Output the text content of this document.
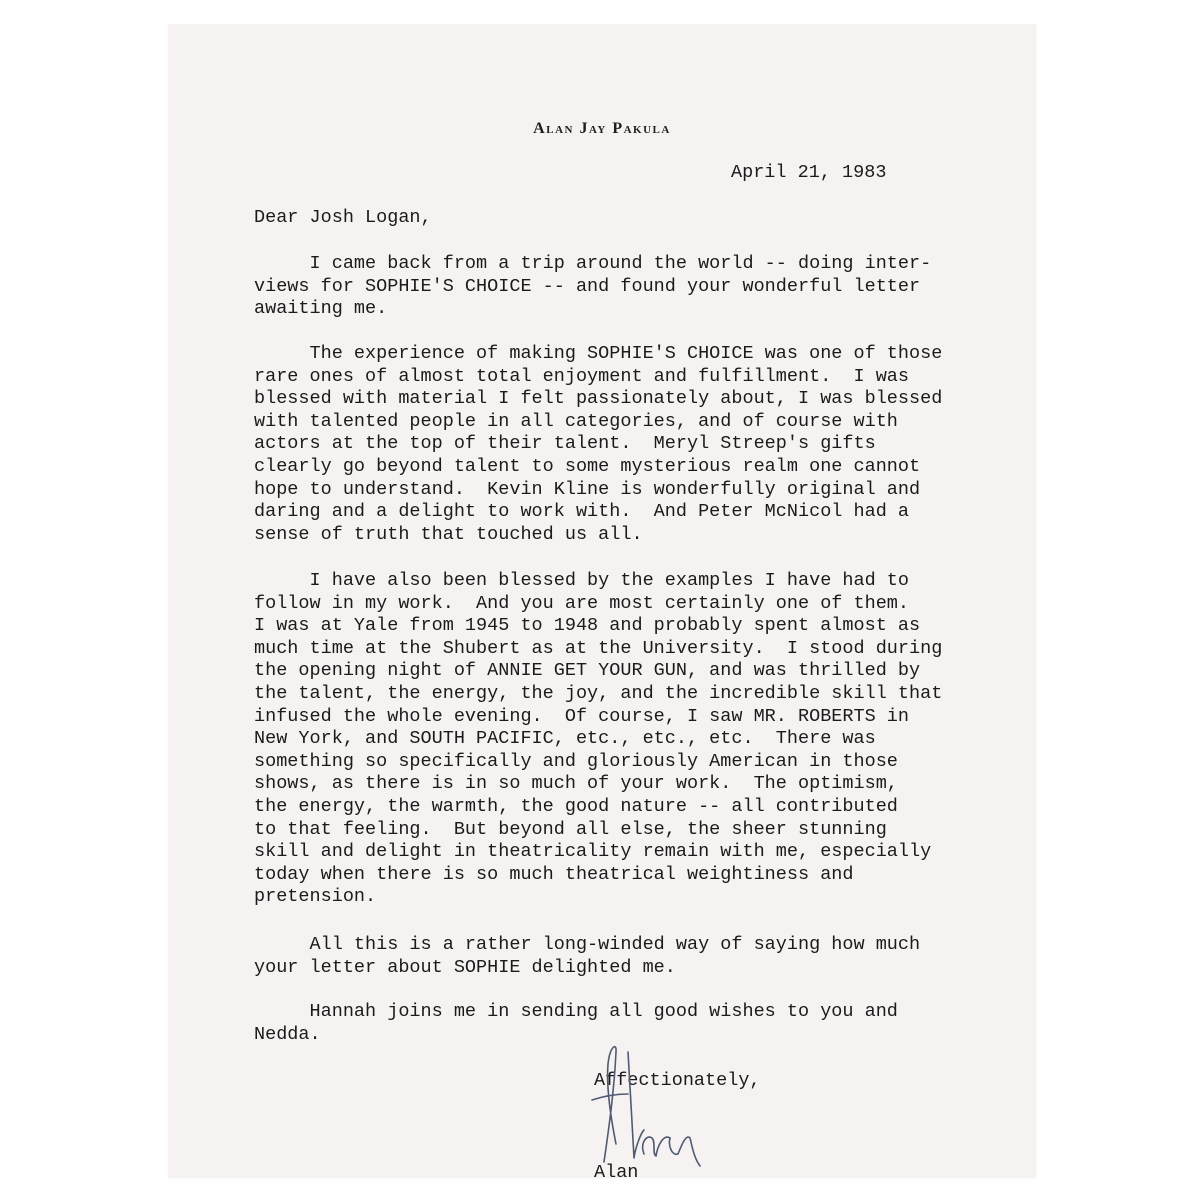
Alan Jay Pakula

April 21, 1983

Dear Josh Logan,

I came back from a trip around the world -- doing inter-
views for SOPHIE'S CHOICE -- and found your wonderful letter
awaiting me.

The experience of making SOPHIE'S CHOICE was one of those
rare ones of almost total enjoyment and fulfillment.  I was
blessed with material I felt passionately about, I was blessed
with talented people in all categories, and of course with
actors at the top of their talent.  Meryl Streep's gifts
clearly go beyond talent to some mysterious realm one cannot
hope to understand.  Kevin Kline is wonderfully original and
daring and a delight to work with.  And Peter McNicol had a
sense of truth that touched us all.

I have also been blessed by the examples I have had to
follow in my work.  And you are most certainly one of them.
I was at Yale from 1945 to 1948 and probably spent almost as
much time at the Shubert as at the University.  I stood during
the opening night of ANNIE GET YOUR GUN, and was thrilled by
the talent, the energy, the joy, and the incredible skill that
infused the whole evening.  Of course, I saw MR. ROBERTS in
New York, and SOUTH PACIFIC, etc., etc., etc.  There was
something so specifically and gloriously American in those
shows, as there is in so much of your work.  The optimism,
the energy, the warmth, the good nature -- all contributed
to that feeling.  But beyond all else, the sheer stunning
skill and delight in theatricality remain with me, especially
today when there is so much theatrical weightiness and
pretension.

All this is a rather long-winded way of saying how much
your letter about SOPHIE delighted me.

Hannah joins me in sending all good wishes to you and
Nedda.

Affectionately,

Alan
